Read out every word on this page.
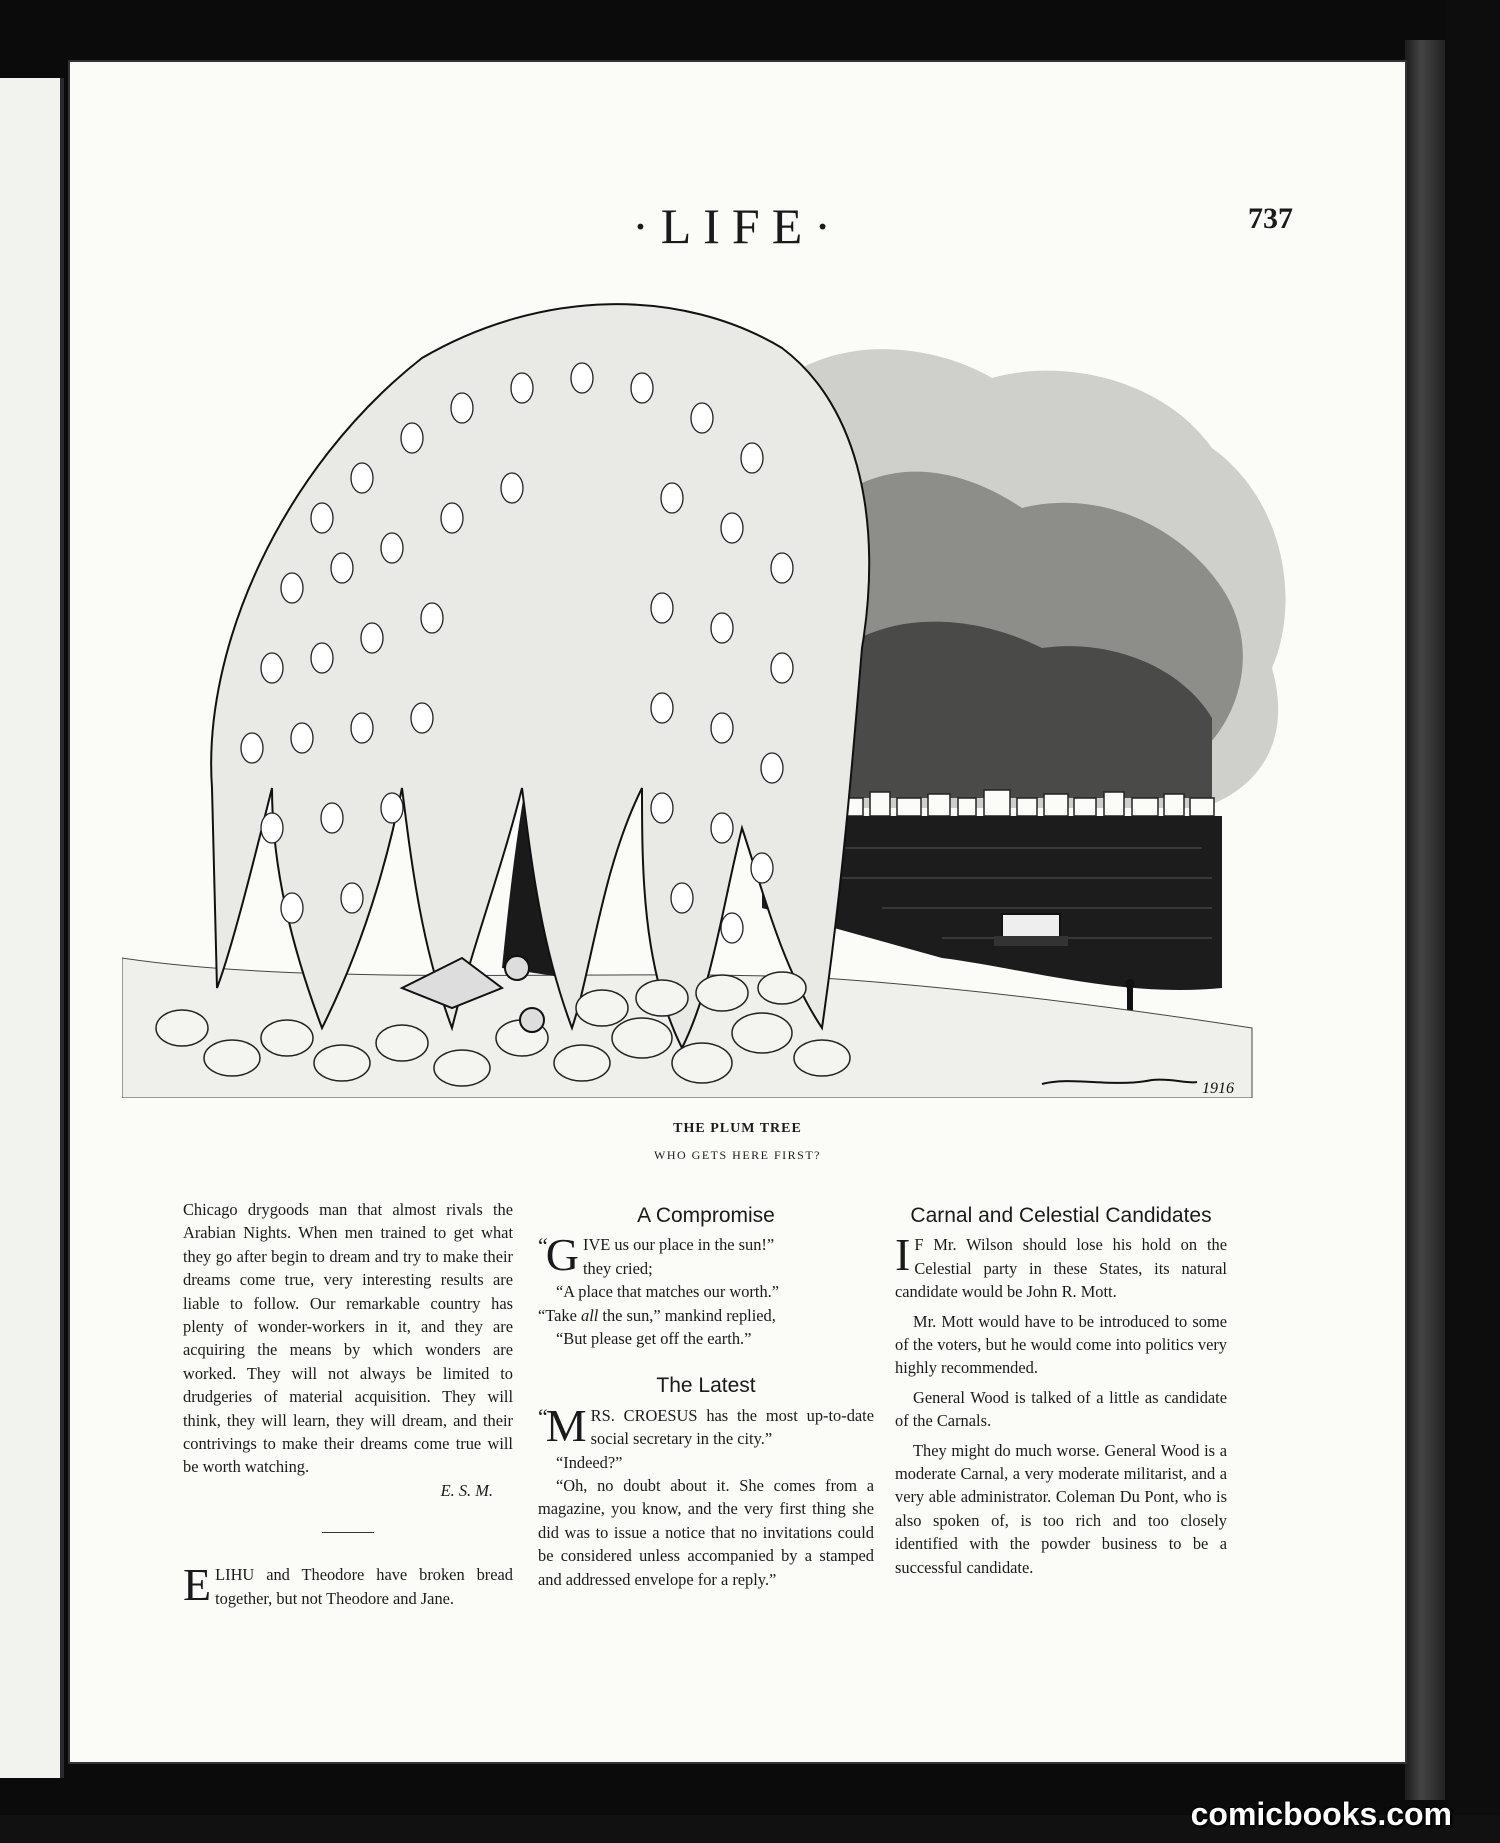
·LIFE·	737
1916
THE PLUM TREE
WHO GETS HERE FIRST?

Chicago drygoods man that almost rivals the Arabian Nights. When men trained to get what they go after begin to dream and try to make their dreams come true, very interesting results are liable to follow. Our remarkable country has plenty of wonder-workers in it, and they are acquiring the means by which wonders are worked. They will not always be limited to drudgeries of material acquisition. They will think, they will learn, they will dream, and their contrivings to make their dreams come true will be worth watching.

E. S. M.

ELIHU and Theodore have broken bread together, but not Theodore and Jane.

A Compromise

“
G IVE us our place in the sun!”

they cried;

“A place that matches our worth.”

“Take all the sun,” mankind replied,

“But please get off the earth.”

The Latest

“
M RS. CROESUS has the most up-to-date social secretary in the city.”

“Indeed?”

“Oh, no doubt about it. She comes from a magazine, you know, and the very first thing she did was to issue a notice that no invitations could be considered unless accompanied by a stamped and addressed envelope for a reply.”

Carnal and Celestial Candidates

I F Mr. Wilson should lose his hold on the Celestial party in these States, its natural candidate would be John R. Mott.

Mr. Mott would have to be introduced to some of the voters, but he would come into politics very highly recommended.

General Wood is talked of a little as candidate of the Carnals.

They might do much worse. General Wood is a moderate Carnal, a very moderate militarist, and a very able administrator. Coleman Du Pont, who is also spoken of, is too rich and too closely identified with the powder business to be a successful candidate.

comicbooks.com
